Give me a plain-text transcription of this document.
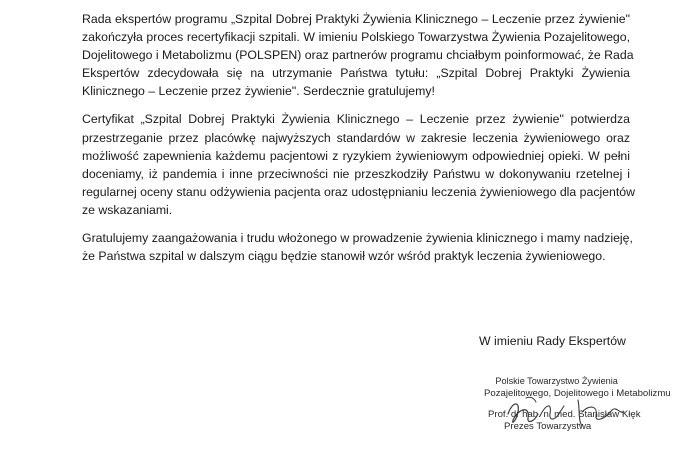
Rada ekspertów programu „Szpital Dobrej Praktyki Żywienia Klinicznego – Leczenie przez żywienie"
zakończyła proces recertyfikacji szpitali. W imieniu Polskiego Towarzystwa Żywienia Pozajelitowego,
Dojelitowego i Metabolizmu (POLSPEN) oraz partnerów programu chciałbym poinformować, że Rada
Ekspertów zdecydowała się na utrzymanie Państwa tytułu: „Szpital Dobrej Praktyki Żywienia
Klinicznego – Leczenie przez żywienie". Serdecznie gratulujemy!

Certyfikat „Szpital Dobrej Praktyki Żywienia Klinicznego – Leczenie przez żywienie" potwierdza
przestrzeganie przez placówkę najwyższych standardów w zakresie leczenia żywieniowego oraz
możliwość zapewnienia każdemu pacjentowi z ryzykiem żywieniowym odpowiedniej opieki. W pełni
doceniamy, iż pandemia i inne przeciwności nie przeszkodziły Państwu w dokonywaniu rzetelnej i
regularnej oceny stanu odżywienia pacjenta oraz udostępnianiu leczenia żywieniowego dla pacjentów
ze wskazaniami.

Gratulujemy zaangażowania i trudu włożonego w prowadzenie żywienia klinicznego i mamy nadzieję,
że Państwa szpital w dalszym ciągu będzie stanowił wzór wśród praktyk leczenia żywieniowego.

W imieniu Rady Ekspertów
Polskie Towarzystwo Żywienia
Pozajelitowego, Dojelitowego i Metabolizmu
Prof. dr hab. n. med. Stanisław Kłęk
Prezes Towarzystwa
